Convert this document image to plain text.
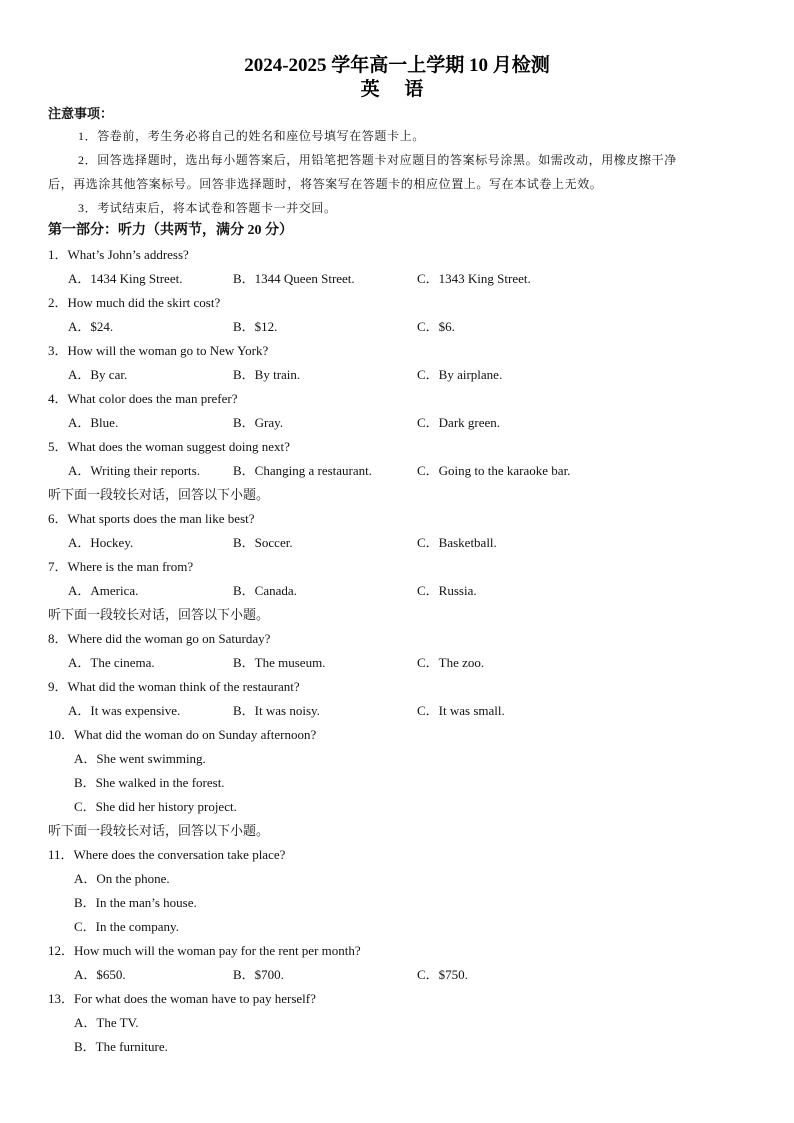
2024-2025 学年高一上学期 10 月检测
英 语
注意事项：
1．答卷前，考生务必将自己的姓名和座位号填写在答题卡上。
2．回答选择题时，选出每小题答案后，用铅笔把答题卡对应题目的答案标号涂黑。如需改动，用橡皮擦干净
后，再选涂其他答案标号。回答非选择题时，将答案写在答题卡的相应位置上。写在本试卷上无效。
3．考试结束后，将本试卷和答题卡一并交回。
第一部分：听力（共两节，满分 20 分）
1．What’s John’s address?
A．1434 King Street.	B．1344 Queen Street.	C．1343 King Street.
2．How much did the skirt cost?
A．$24.	B．$12.	C．$6.
3．How will the woman go to New York?
A．By car.	B．By train.	C．By airplane.
4．What color does the man prefer?
A．Blue.	B．Gray.	C．Dark green.
5．What does the woman suggest doing next?
A．Writing their reports.	B．Changing a restaurant.	C．Going to the karaoke bar.
听下面一段较长对话，回答以下小题。
6．What sports does the man like best?
A．Hockey.	B．Soccer.	C．Basketball.
7．Where is the man from?
A．America.	B．Canada.	C．Russia.
听下面一段较长对话，回答以下小题。
8．Where did the woman go on Saturday?
A．The cinema.	B．The museum.	C．The zoo.
9．What did the woman think of the restaurant?
A．It was expensive.	B．It was noisy.	C．It was small.
10．What did the woman do on Sunday afternoon?
A．She went swimming.
B．She walked in the forest.
C．She did her history project.
听下面一段较长对话，回答以下小题。
11．Where does the conversation take place?
A．On the phone.
B．In the man’s house.
C．In the company.
12．How much will the woman pay for the rent per month?
A．$650.	B．$700.	C．$750.
13．For what does the woman have to pay herself?
A．The TV.
B．The furniture.
